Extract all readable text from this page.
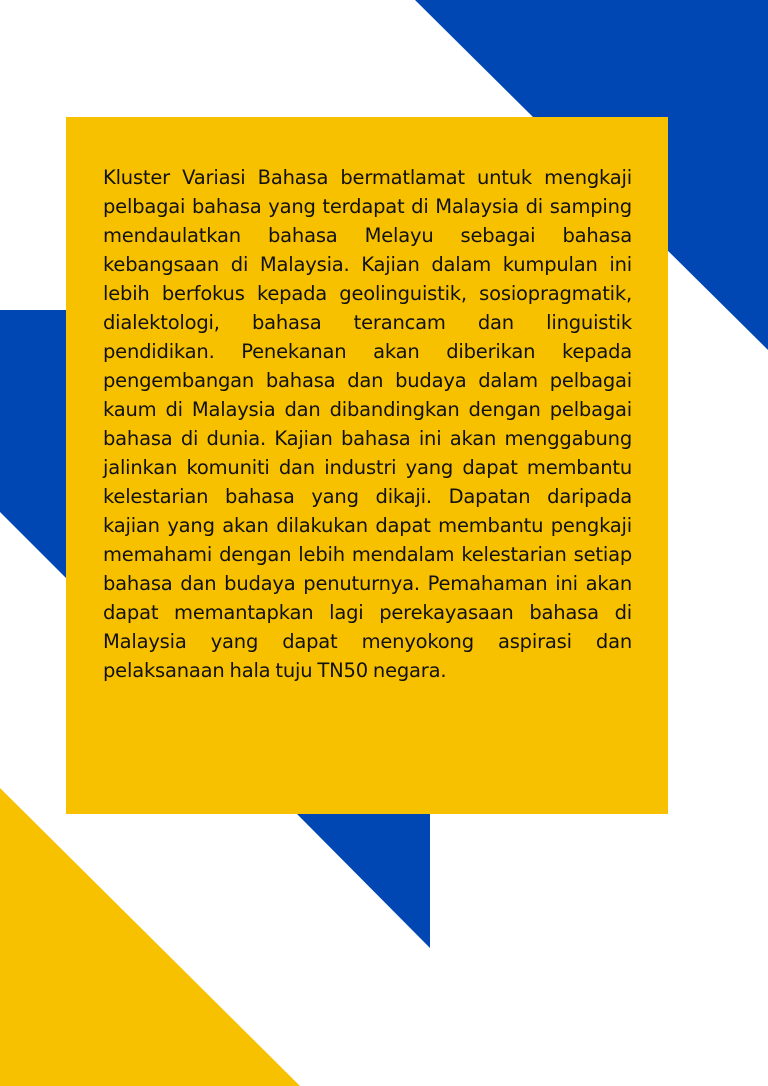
Kluster Variasi Bahasa bermatlamat untuk mengkaji pelbagai bahasa yang terdapat di Malaysia di samping mendaulatkan bahasa Melayu sebagai bahasa kebangsaan di Malaysia. Kajian dalam kumpulan ini lebih berfokus kepada geolinguistik, sosiopragmatik, dialektologi, bahasa terancam dan linguistik pendidikan. Penekanan akan diberikan kepada pengembangan bahasa dan budaya dalam pelbagai kaum di Malaysia dan dibandingkan dengan pelbagai bahasa di dunia. Kajian bahasa ini akan menggabung jalinkan komuniti dan industri yang dapat membantu kelestarian bahasa yang dikaji. Dapatan daripada kajian yang akan dilakukan dapat membantu pengkaji memahami dengan lebih mendalam kelestarian setiap bahasa dan budaya penuturnya. Pemahaman ini akan dapat memantapkan lagi perekayasaan bahasa di Malaysia yang dapat menyokong aspirasi dan pelaksanaan hala tuju TN50 negara.
